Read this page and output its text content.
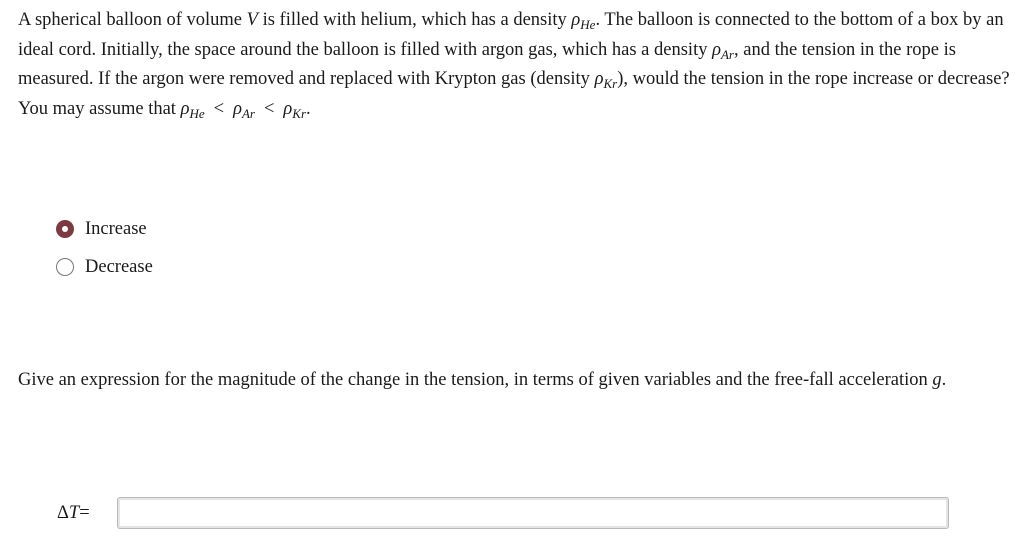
A spherical balloon of volume V is filled with helium, which has a density $\rho_{He}$. The balloon is connected to the bottom of a box by an ideal cord. Initially, the space around the balloon is filled with argon gas, which has a density $\rho_{Ar}$, and the tension in the rope is measured. If the argon were removed and replaced with Krypton gas (density $\rho_{Kr}$), would the tension in the rope increase or decrease? You may assume that $\rho_{He} < \rho_{Ar} < \rho_{Kr}$.
Increase
Decrease
Give an expression for the magnitude of the change in the tension, in terms of given variables and the free-fall acceleration g.
ΔT=
